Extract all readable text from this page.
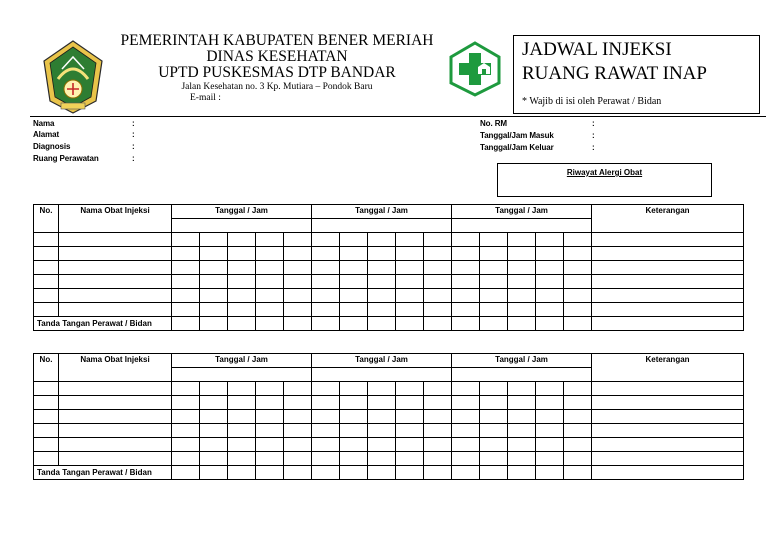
PEMERINTAH KABUPATEN BENER MERIAH
DINAS KESEHATAN
UPTD PUSKESMAS DTP BANDAR
Jalan Kesehatan no. 3 Kp. Mutiara – Pondok Baru
E-mail :
JADWAL INJEKSI
RUANG RAWAT INAP
* Wajib di isi oleh Perawat / Bidan
Nama	:
Alamat	:
Diagnosis	:
Ruang Perawatan	:
No. RM	:
Tanggal/Jam Masuk	:
Tanggal/Jam Keluar	:
Riwayat Alergi Obat
No.	Nama Obat Injeksi	Tanggal / Jam					Tanggal / Jam					Tanggal / Jam					Keterangan

Tanda Tangan Perawat / Bidan																	
No.	Nama Obat Injeksi	Tanggal / Jam					Tanggal / Jam					Tanggal / Jam					Keterangan

Tanda Tangan Perawat / Bidan																	
